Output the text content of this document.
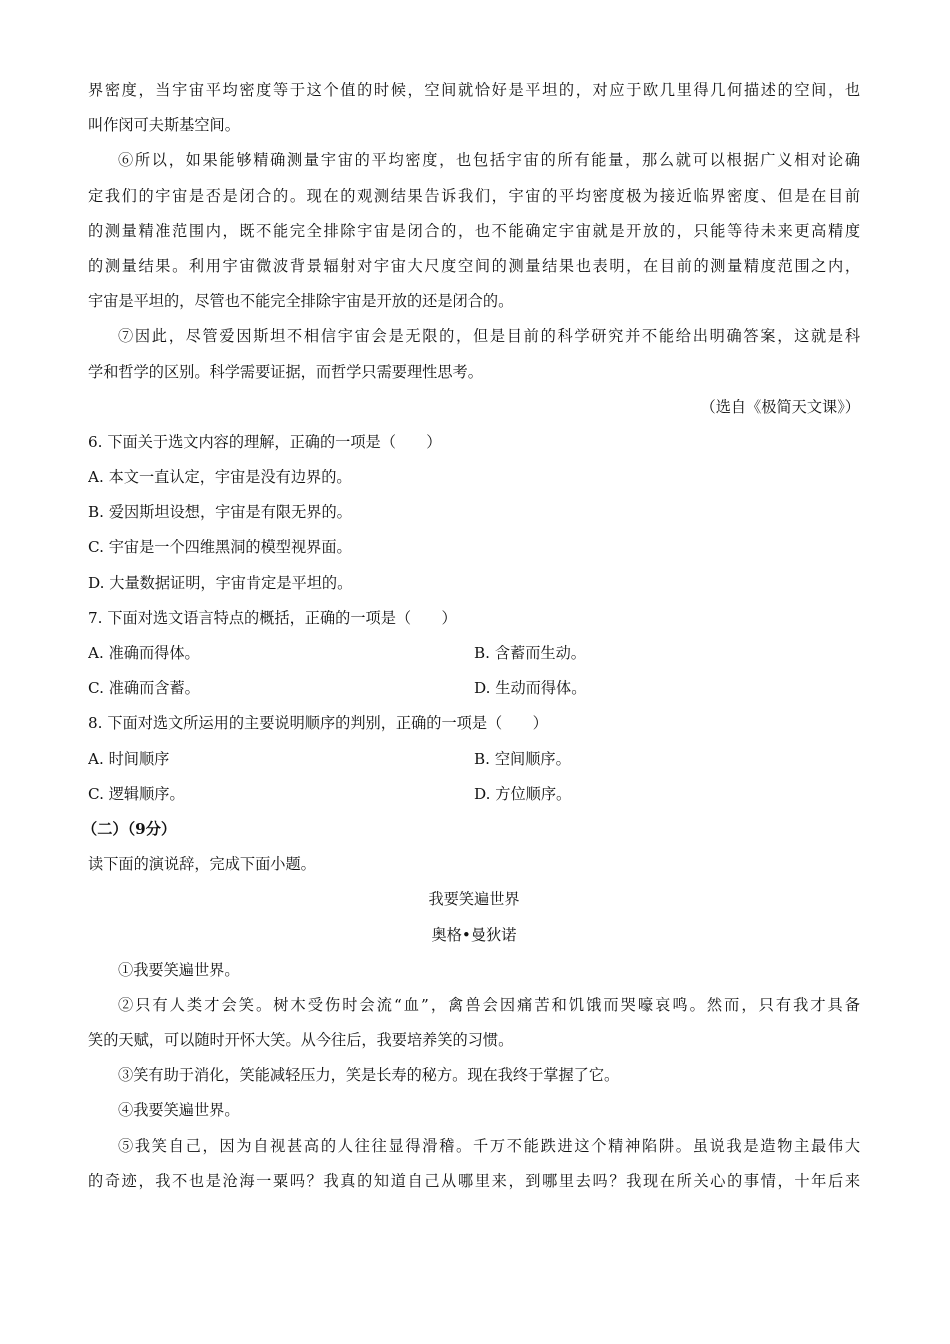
界密度，当宇宙平均密度等于这个值的时候，空间就恰好是平坦的，对应于欧几里得几何描述的空间，也
叫作闵可夫斯基空间。
⑥所以，如果能够精确测量宇宙的平均密度，也包括宇宙的所有能量，那么就可以根据广义相对论确
定我们的宇宙是否是闭合的。现在的观测结果告诉我们，宇宙的平均密度极为接近临界密度、但是在目前
的测量精准范围内，既不能完全排除宇宙是闭合的，也不能确定宇宙就是开放的，只能等待未来更高精度
的测量结果。利用宇宙微波背景辐射对宇宙大尺度空间的测量结果也表明，在目前的测量精度范围之内，
宇宙是平坦的，尽管也不能完全排除宇宙是开放的还是闭合的。
⑦因此，尽管爱因斯坦不相信宇宙会是无限的，但是目前的科学研究并不能给出明确答案，这就是科
学和哲学的区别。科学需要证据，而哲学只需要理性思考。
（选自《极简天文课》）
6. 下面关于选文内容的理解，正确的一项是（　　）
A. 本文一直认定，宇宙是没有边界的。
B. 爱因斯坦设想，宇宙是有限无界的。
C. 宇宙是一个四维黑洞的模型视界面。
D. 大量数据证明，宇宙肯定是平坦的。
7. 下面对选文语言特点的概括，正确的一项是（　　）
A. 准确而得体。	B. 含蓄而生动。
C. 准确而含蓄。	D. 生动而得体。
8. 下面对选文所运用的主要说明顺序的判别，正确的一项是（　　）
A. 时间顺序	B. 空间顺序。
C. 逻辑顺序。	D. 方位顺序。
（二）（9分）
读下面的演说辞，完成下面小题。
我要笑遍世界
奥格•曼狄诺
①我要笑遍世界。
②只有人类才会笑。树木受伤时会流“血”，禽兽会因痛苦和饥饿而哭嚎哀鸣。然而，只有我才具备
笑的天赋，可以随时开怀大笑。从今往后，我要培养笑的习惯。
③笑有助于消化，笑能减轻压力，笑是长寿的秘方。现在我终于掌握了它。
④我要笑遍世界。
⑤我笑自己，因为自视甚高的人往往显得滑稽。千万不能跌进这个精神陷阱。虽说我是造物主最伟大
的奇迹，我不也是沧海一粟吗？我真的知道自己从哪里来，到哪里去吗？我现在所关心的事情，十年后来
